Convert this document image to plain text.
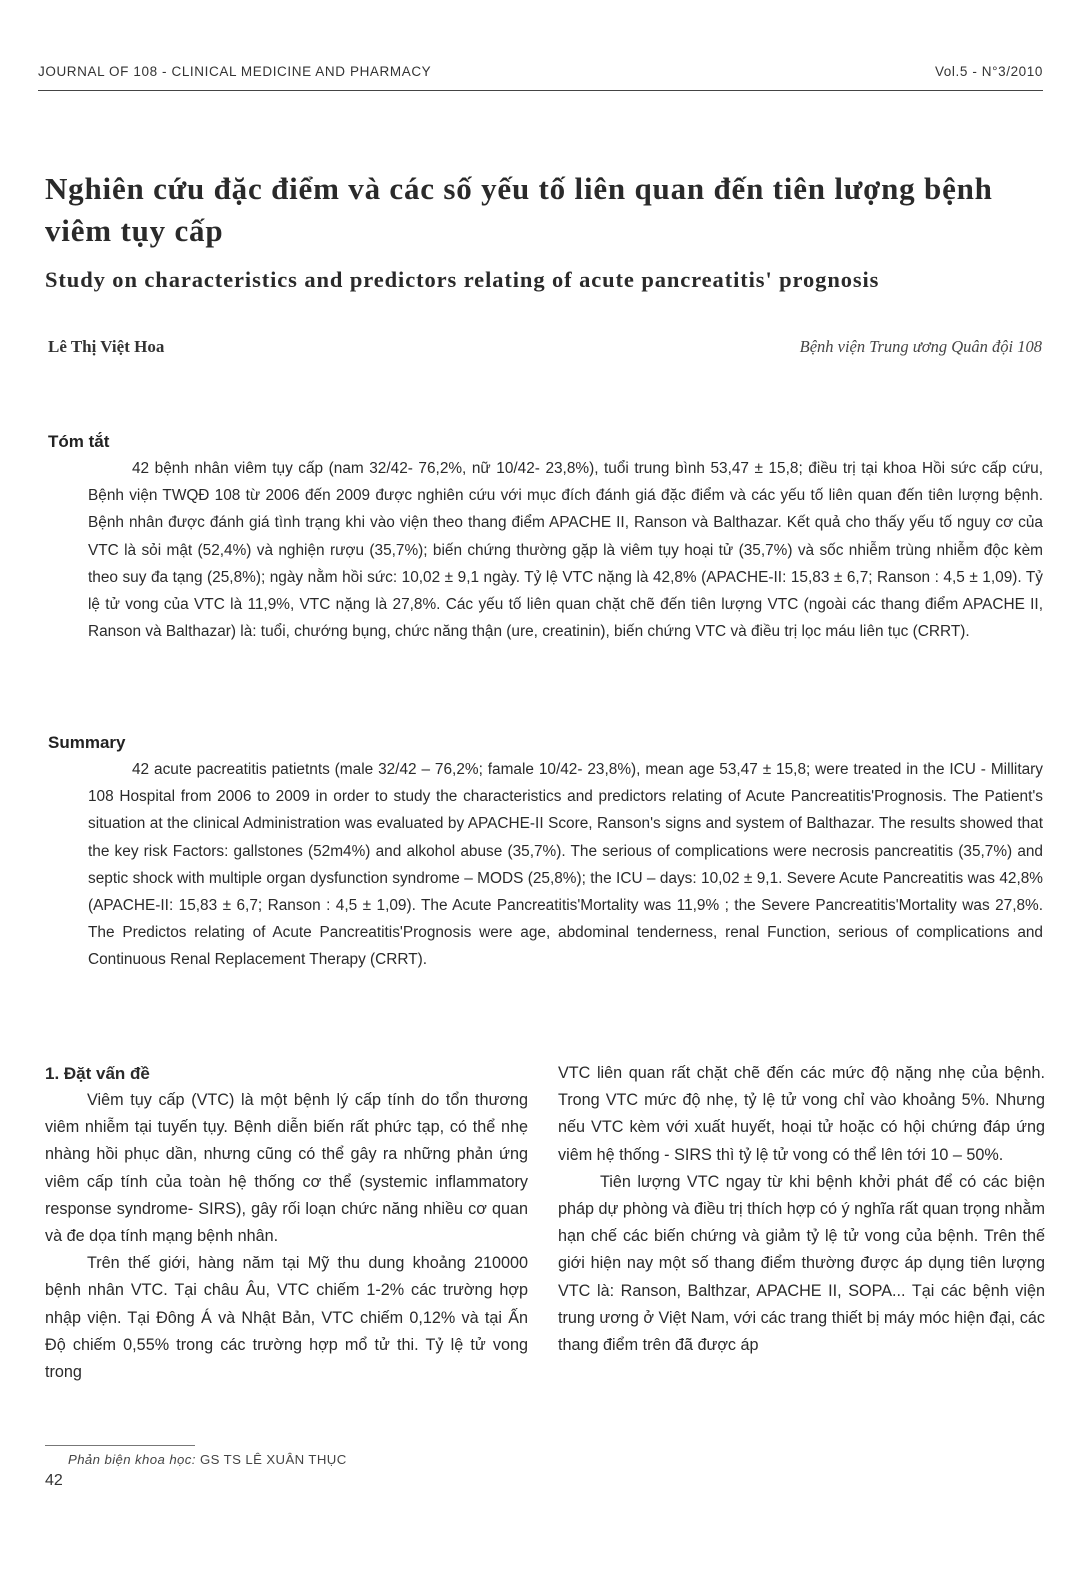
JOURNAL OF 108 - CLINICAL MEDICINE AND PHARMACY	Vol.5 - N°3/2010
Nghiên cứu đặc điểm và các số yếu tố liên quan đến tiên lượng bệnh viêm tụy cấp
Study on characteristics and predictors relating of acute pancreatitis' prognosis
Lê Thị Việt Hoa	Bệnh viện Trung ương Quân đội 108
Tóm tắt

42 bệnh nhân viêm tụy cấp (nam 32/42- 76,2%, nữ 10/42- 23,8%), tuổi trung bình 53,47 ± 15,8; điều trị tại khoa Hồi sức cấp cứu, Bệnh viện TWQĐ 108 từ 2006 đến 2009 được nghiên cứu với mục đích đánh giá đặc điểm và các yếu tố liên quan đến tiên lượng bệnh. Bệnh nhân được đánh giá tình trạng khi vào viện theo thang điểm APACHE II, Ranson và Balthazar. Kết quả cho thấy yếu tố nguy cơ của VTC là sỏi mật (52,4%) và nghiện rượu (35,7%); biến chứng thường gặp là viêm tụy hoại tử (35,7%) và sốc nhiễm trùng nhiễm độc kèm theo suy đa tạng (25,8%); ngày nằm hồi sức: 10,02 ± 9,1 ngày. Tỷ lệ VTC nặng là 42,8% (APACHE-II: 15,83 ± 6,7; Ranson : 4,5 ± 1,09). Tỷ lệ tử vong của VTC là 11,9%, VTC nặng là 27,8%. Các yếu tố liên quan chặt chẽ đến tiên lượng VTC (ngoài các thang điểm APACHE II, Ranson và Balthazar) là: tuổi, chướng bụng, chức năng thận (ure, creatinin), biến chứng VTC và điều trị lọc máu liên tục (CRRT).

Summary

42 acute pacreatitis patietnts (male 32/42 – 76,2%; famale 10/42- 23,8%), mean age 53,47 ± 15,8; were treated in the ICU - Millitary 108 Hospital from 2006 to 2009 in order to study the characteristics and predictors relating of Acute Pancreatitis'Prognosis. The Patient's situation at the clinical Administration was evaluated by APACHE-II Score, Ranson's signs and system of Balthazar. The results showed that the key risk Factors: gallstones (52m4%) and alkohol abuse (35,7%). The serious of complications were necrosis pancreatitis (35,7%) and septic shock with multiple organ dysfunction syndrome – MODS (25,8%); the ICU – days: 10,02 ± 9,1. Severe Acute Pancreatitis was 42,8% (APACHE-II: 15,83 ± 6,7; Ranson : 4,5 ± 1,09). The Acute Pancreatitis'Mortality was 11,9% ; the Severe Pancreatitis'Mortality was 27,8%. The Predictos relating of Acute Pancreatitis'Prognosis were age, abdominal tenderness, renal Function, serious of complications and Continuous Renal Replacement Therapy (CRRT).

1. Đặt vấn đề

Viêm tụy cấp (VTC) là một bệnh lý cấp tính do tổn thương viêm nhiễm tại tuyến tụy. Bệnh diễn biến rất phức tạp, có thể nhẹ nhàng hồi phục dần, nhưng cũng có thể gây ra những phản ứng viêm cấp tính của toàn hệ thống cơ thể (systemic inflammatory response syndrome- SIRS), gây rối loạn chức năng nhiều cơ quan và đe dọa tính mạng bệnh nhân.

Trên thế giới, hàng năm tại Mỹ thu dung khoảng 210000 bệnh nhân VTC. Tại châu Âu, VTC chiếm 1-2% các trường hợp nhập viện. Tại Đông Á và Nhật Bản, VTC chiếm 0,12% và tại Ấn Độ chiếm 0,55% trong các trường hợp mổ tử thi. Tỷ lệ tử vong trong

VTC liên quan rất chặt chẽ đến các mức độ nặng nhẹ của bệnh. Trong VTC mức độ nhẹ, tỷ lệ tử vong chỉ vào khoảng 5%. Nhưng nếu VTC kèm với xuất huyết, hoại tử hoặc có hội chứng đáp ứng viêm hệ thống - SIRS thì tỷ lệ tử vong có thể lên tới 10 – 50%.

Tiên lượng VTC ngay từ khi bệnh khởi phát để có các biện pháp dự phòng và điều trị thích hợp có ý nghĩa rất quan trọng nhằm hạn chế các biến chứng và giảm tỷ lệ tử vong của bệnh. Trên thế giới hiện nay một số thang điểm thường được áp dụng tiên lượng VTC là: Ranson, Balthzar, APACHE II, SOPA... Tại các bệnh viện trung ương ở Việt Nam, với các trang thiết bị máy móc hiện đại, các thang điểm trên đã được áp

Phản biện khoa học: GS TS LÊ XUÂN THỤC
42
